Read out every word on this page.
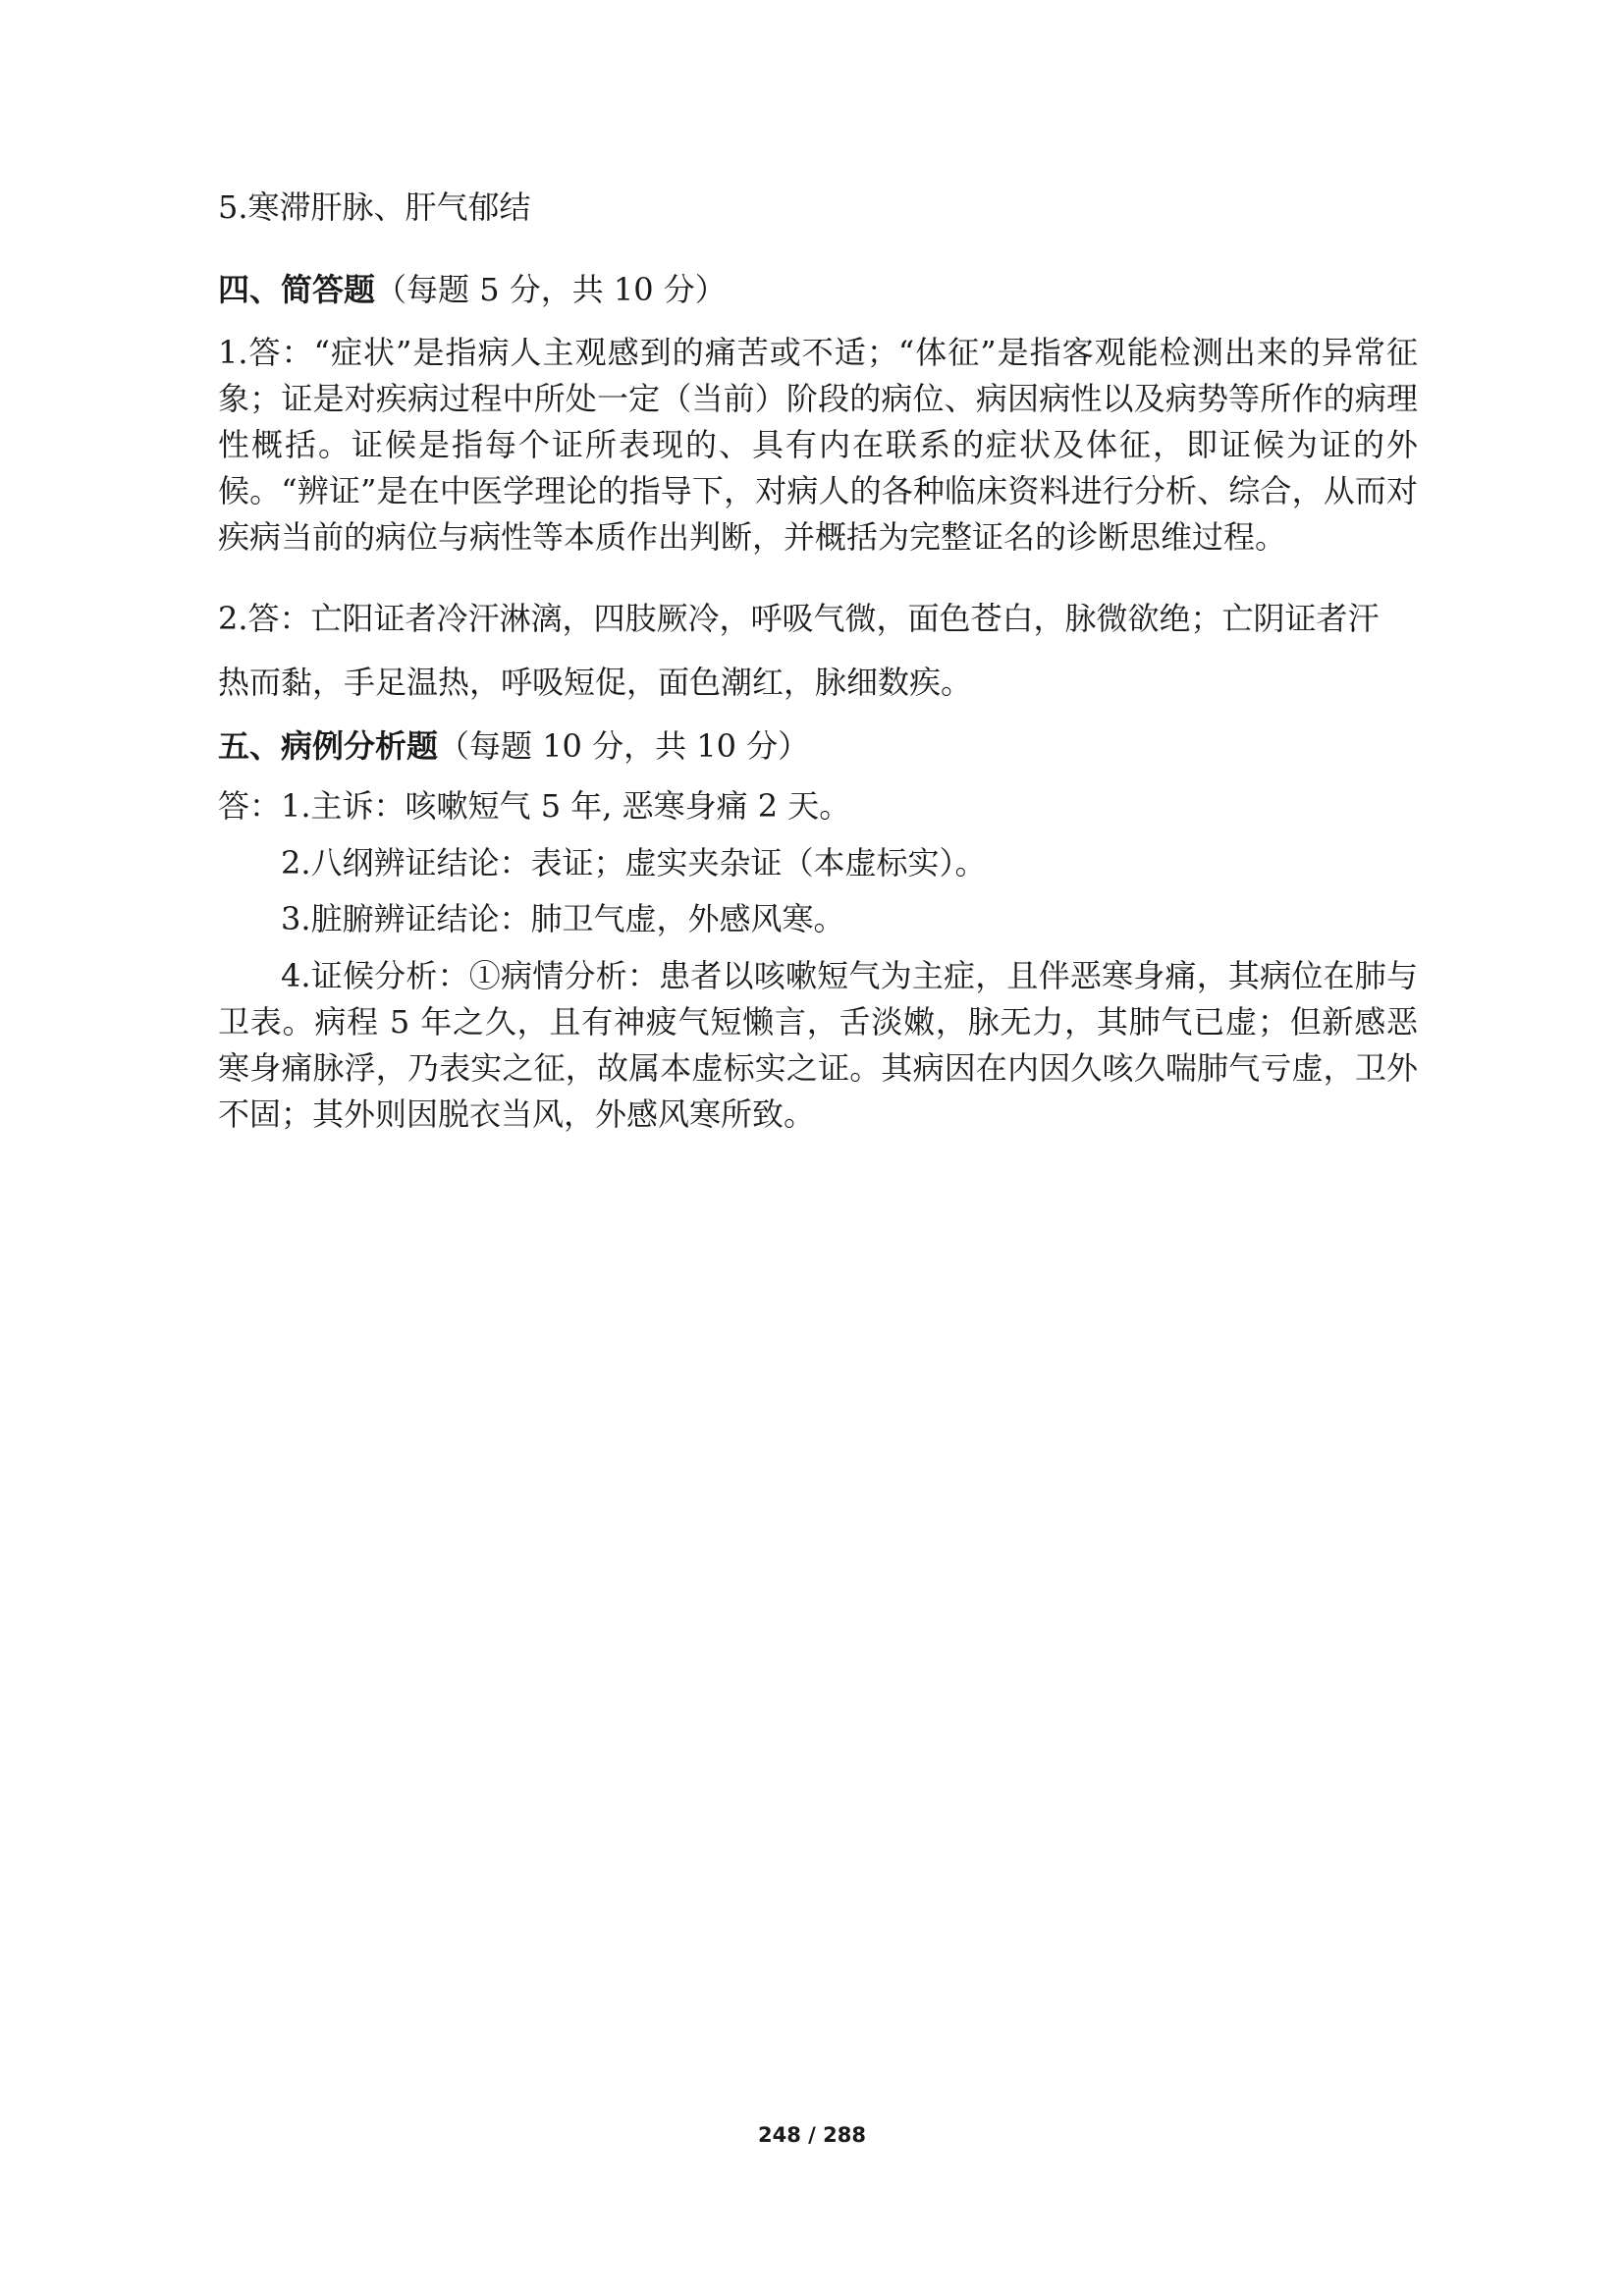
5.寒滞肝脉、肝气郁结

四、简答题（每题 5 分，共 10 分）

1.答：“症状”是指病人主观感到的痛苦或不适；“体征”是指客观能检测出来的异常征象；证是对疾病过程中所处一定（当前）阶段的病位、病因病性以及病势等所作的病理性概括。证候是指每个证所表现的、具有内在联系的症状及体征，即证候为证的外候。“辨证”是在中医学理论的指导下，对病人的各种临床资料进行分析、综合，从而对疾病当前的病位与病性等本质作出判断，并概括为完整证名的诊断思维过程。

2.答：亡阳证者冷汗淋漓，四肢厥冷，呼吸气微，面色苍白，脉微欲绝；亡阴证者汗

热而黏，手足温热，呼吸短促，面色潮红，脉细数疾。

五、病例分析题（每题 10 分，共 10 分）

答：1.主诉：咳嗽短气 5 年, 恶寒身痛 2 天。

2.八纲辨证结论：表证；虚实夹杂证（本虚标实）。

3.脏腑辨证结论：肺卫气虚，外感风寒。

4.证候分析：①病情分析：患者以咳嗽短气为主症，且伴恶寒身痛，其病位在肺与卫表。病程 5 年之久，且有神疲气短懒言，舌淡嫩，脉无力，其肺气已虚；但新感恶寒身痛脉浮，乃表实之征，故属本虚标实之证。其病因在内因久咳久喘肺气亏虚，卫外不固；其外则因脱衣当风，外感风寒所致。

248 / 288
